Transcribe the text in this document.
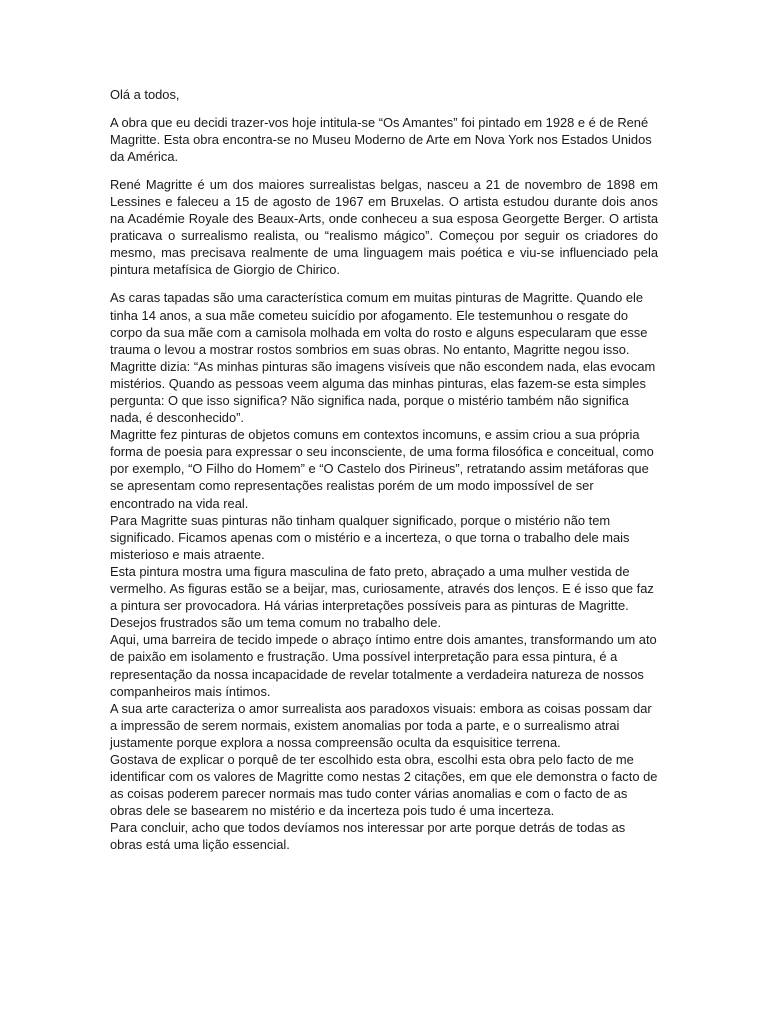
Olá a todos,

A obra que eu decidi trazer-vos hoje intitula-se “Os Amantes” foi pintado em 1928 e é de René Magritte. Esta obra encontra-se no Museu Moderno de Arte em Nova York nos Estados Unidos da América.

René Magritte é um dos maiores surrealistas belgas, nasceu a 21 de novembro de 1898 em Lessines e faleceu a 15 de agosto de 1967 em Bruxelas. O artista estudou durante dois anos na Académie Royale des Beaux-Arts, onde conheceu a sua esposa Georgette Berger. O artista praticava o surrealismo realista, ou “realismo mágico”. Começou por seguir os criadores do mesmo, mas precisava realmente de uma linguagem mais poética e viu-se influenciado pela pintura metafísica de Giorgio de Chirico.

As caras tapadas são uma característica comum em muitas pinturas de Magritte. Quando ele tinha 14 anos, a sua mãe cometeu suicídio por afogamento. Ele testemunhou o resgate do corpo da sua mãe com a camisola molhada em volta do rosto e alguns especularam que esse trauma o levou a mostrar rostos sombrios em suas obras. No entanto, Magritte negou isso.

Magritte dizia: “As minhas pinturas são imagens visíveis que não escondem nada, elas evocam mistérios. Quando as pessoas veem alguma das minhas pinturas, elas fazem-se esta simples pergunta: O que isso significa? Não significa nada, porque o mistério também não significa nada, é desconhecido”.

Magritte fez pinturas de objetos comuns em contextos incomuns, e assim criou a sua própria forma de poesia para expressar o seu inconsciente, de uma forma filosófica e conceitual, como por exemplo, “O Filho do Homem” e “O Castelo dos Pirineus”, retratando assim metáforas que se apresentam como representações realistas porém de um modo impossível de ser encontrado na vida real.

Para Magritte suas pinturas não tinham qualquer significado, porque o mistério não tem significado. Ficamos apenas com o mistério e a incerteza, o que torna o trabalho dele mais misterioso e mais atraente.

Esta pintura mostra uma figura masculina de fato preto, abraçado a uma mulher vestida de vermelho. As figuras estão se a beijar, mas, curiosamente, através dos lenços. E é isso que faz a pintura ser provocadora. Há várias interpretações possíveis para as pinturas de Magritte. Desejos frustrados são um tema comum no trabalho dele.

Aqui, uma barreira de tecido impede o abraço íntimo entre dois amantes, transformando um ato de paixão em isolamento e frustração. Uma possível interpretação para essa pintura, é a representação da nossa incapacidade de revelar totalmente a verdadeira natureza de nossos companheiros mais íntimos.

A sua arte caracteriza o amor surrealista aos paradoxos visuais: embora as coisas possam dar a impressão de serem normais, existem anomalias por toda a parte, e o surrealismo atrai justamente porque explora a nossa compreensão oculta da esquisitice terrena.

Gostava de explicar o porquê de ter escolhido esta obra, escolhi esta obra pelo facto de me identificar com os valores de Magritte como nestas 2 citações, em que ele demonstra o facto de as coisas poderem parecer normais mas tudo conter várias anomalias e com o facto de as obras dele se basearem no mistério e da incerteza pois tudo é uma incerteza.

Para concluir, acho que todos devíamos nos interessar por arte porque detrás de todas as obras está uma lição essencial.
